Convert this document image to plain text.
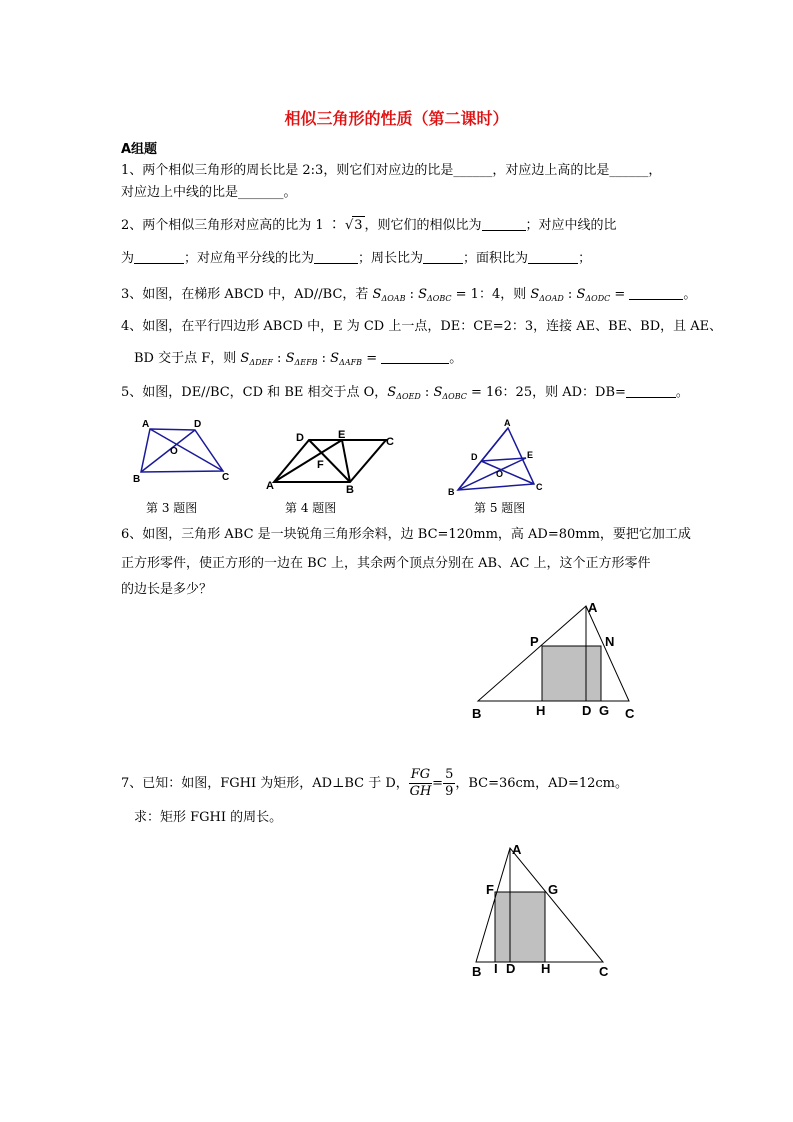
相似三角形的性质（第二课时）
A组题
1、两个相似三角形的周长比是 2:3，则它们对应边的比是______，对应边上高的比是______，
对应边上中线的比是_______。
2、两个相似三角形对应高的比为 1 ∶ √3 ，则它们的相似比为	；对应中线的比
为	；对应角平分线的比为	；周长比为	；面积比为	；
3、如图，在梯形 ABCD 中，AD//BC，若 $S_{\Delta OAB}$ : $S_{\Delta OBC} = 1$：4，则 $S_{\Delta OAD}$ : $S_{\Delta ODC}$ =	。
4、如图，在平行四边形 ABCD 中，E 为 CD 上一点，DE：CE=2：3，连接 AE、BE、BD，且 AE、
BD 交于点 F，则 $S_{\Delta DEF}$ : $S_{\Delta EFB}$ : $S_{\Delta AFB}$ =	。
5、如图，DE//BC，CD 和 BE 相交于点 O，$S_{\Delta OED}$ : $S_{\Delta OBC} = 16$：25，则 AD：DB=	。
A	D
O
B	C
第 3 题图
D	E
C
F
A	B
第 4 题图
A
D	E
O
B	C
第 5 题图
6、如图，三角形 ABC 是一块锐角三角形余料，边 BC=120mm，高 AD=80mm，要把它加工成
正方形零件，使正方形的一边在 BC 上，其余两个顶点分别在 AB、AC 上，这个正方形零件
的边长是多少？
A
P	N
B	H	D G C
7、已知：如图，FGHI 为矩形，AD⊥BC 于 D， $\frac{FG}{GH} = \frac{5}{9}$ ，BC=36cm，AD=12cm。
求：矩形 FGHI 的周长。
A
F	G
B I D H	C
